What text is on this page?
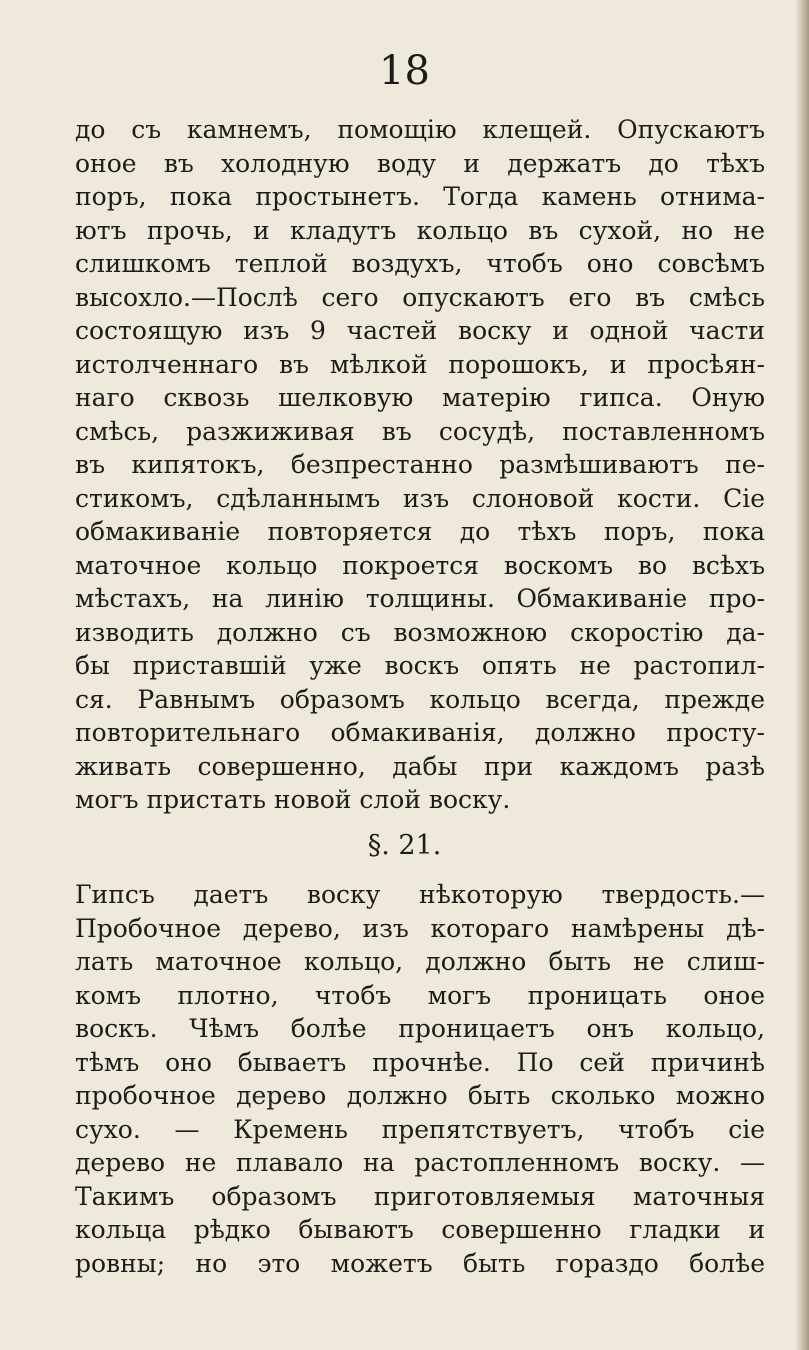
18
до съ камнемъ, помощію клещей. Опускаютъ
оное въ холодную воду и держатъ до тѣхъ
поръ, пока простынетъ. Тогда камень отнима-
ютъ прочь, и кладутъ кольцо въ сухой, но не
слишкомъ теплой воздухъ, чтобъ оно совсѣмъ
высохло.—Послѣ сего опускаютъ его въ смѣсь
состоящую изъ 9 частей воску и одной части
истолченнаго въ мѣлкой порошокъ, и просѣян-
наго сквозь шелковую матерію гипса. Оную
смѣсь, разжиживая въ сосудѣ, поставленномъ
въ кипятокъ, безпрестанно размѣшиваютъ пе-
стикомъ, сдѣланнымъ изъ слоновой кости. Сіе
обмакиваніе повторяется до тѣхъ поръ, пока
маточное кольцо покроется воскомъ во всѣхъ
мѣстахъ, на линію толщины. Обмакиваніе про-
изводить должно съ возможною скоростію да-
бы приставшій уже воскъ опять не растопил-
ся. Равнымъ образомъ кольцо всегда, прежде
повторительнаго обмакиванія, должно просту-
живать совершенно, дабы при каждомъ разѣ
могъ пристать новой слой воску.
§. 21.
Гипсъ даетъ воску нѣкоторую твердость.—
Пробочное дерево, изъ котораго намѣрены дѣ-
лать маточное кольцо, должно быть не слиш-
комъ плотно, чтобъ могъ проницать оное
воскъ. Чѣмъ болѣе проницаетъ онъ кольцо,
тѣмъ оно бываетъ прочнѣе. По сей причинѣ
пробочное дерево должно быть сколько можно
сухо. — Кремень препятствуетъ, чтобъ сіе
дерево не плавало на растопленномъ воску. —
Такимъ образомъ приготовляемыя маточныя
кольца рѣдко бываютъ совершенно гладки и
ровны; но это можетъ быть гораздо болѣе
